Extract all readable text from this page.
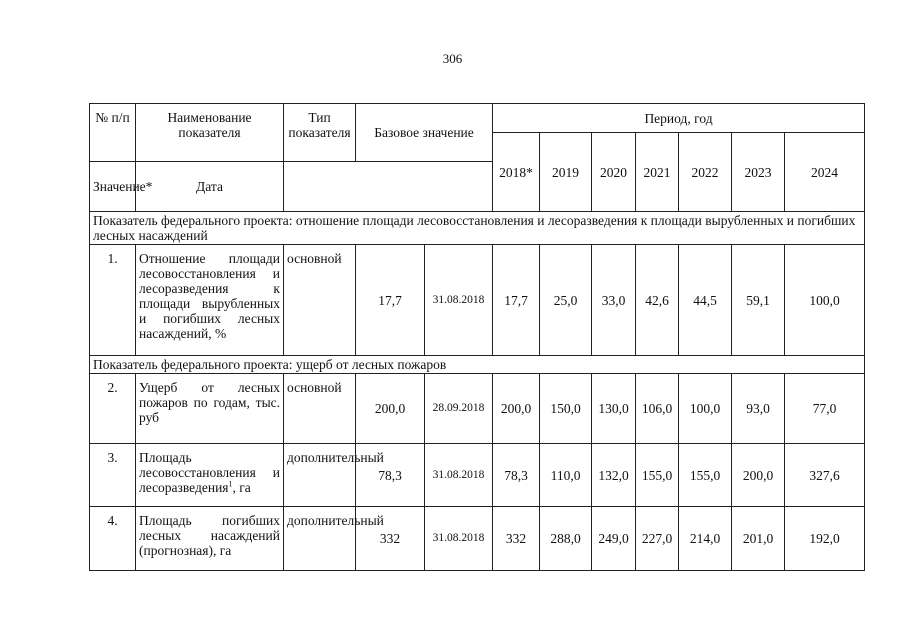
306
№ п/п	Наименование показателя	Тип показателя	Базовое значение		Период, год						
					2018*	2019	2020	2021	2022	2023	2024
Значение*	Дата										
Показатель федерального проекта: отношение площади лесовосстановления и лесоразведения к площади вырубленных и погибших лесных насаждений											
1.	Отношение площади лесовосстановления и лесоразведения к площади вырубленных и погибших лесных насаждений, %	основной	17,7	31.08.2018	17,7	25,0	33,0	42,6	44,5	59,1	100,0
Показатель федерального проекта: ущерб от лесных пожаров											
2.	Ущерб от лесных пожаров по годам, тыс. руб	основной	200,0	28.09.2018	200,0	150,0	130,0	106,0	100,0	93,0	77,0
3.	Площадь лесовосстановления и лесоразведения$^1$, га	дополнительный	78,3	31.08.2018	78,3	110,0	132,0	155,0	155,0	200,0	327,6
4.	Площадь погибших лесных насаждений (прогнозная), га	дополнительный	332	31.08.2018	332	288,0	249,0	227,0	214,0	201,0	192,0
